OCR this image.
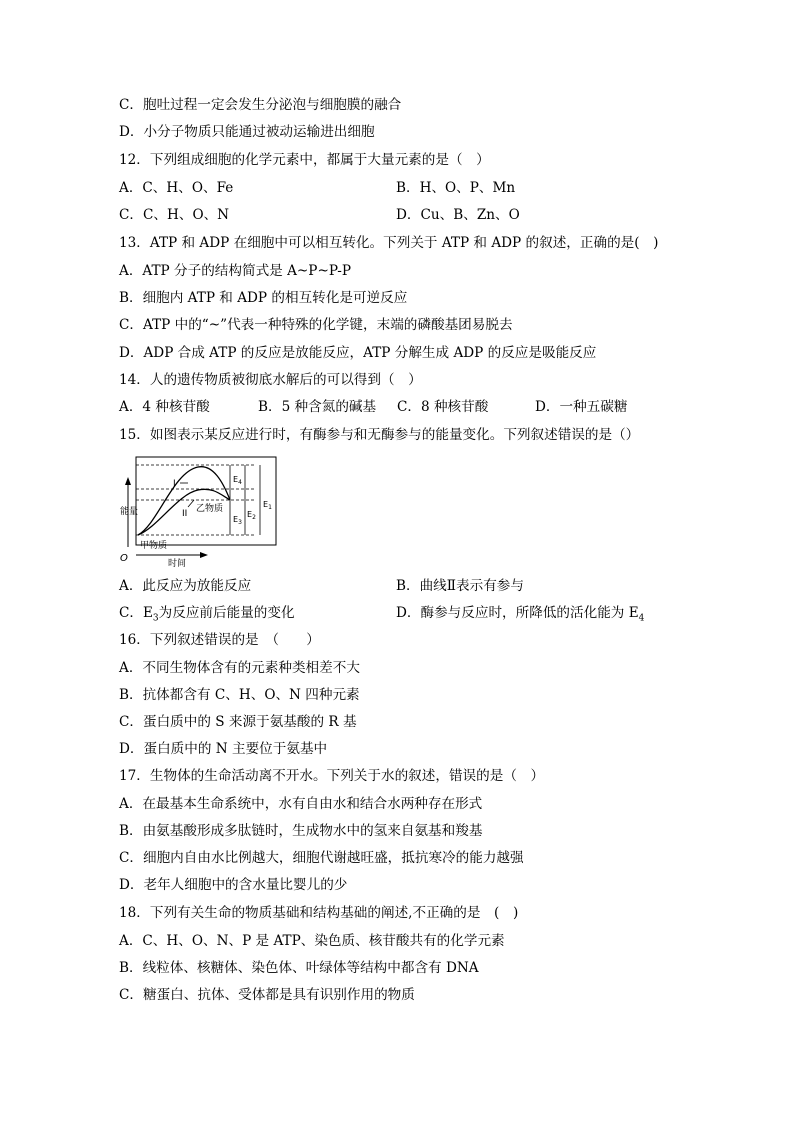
C．胞吐过程一定会发生分泌泡与细胞膜的融合
D．小分子物质只能通过被动运输进出细胞
12．下列组成细胞的化学元素中，都属于大量元素的是（　）
A．C、H、O、Fe	B．H、O、P、Mn
C．C、H、O、N	D．Cu、B、Zn、O
13．ATP 和 ADP 在细胞中可以相互转化。下列关于 ATP 和 ADP 的叙述，正确的是(　)
A．ATP 分子的结构简式是 A~P~P-P
B．细胞内 ATP 和 ADP 的相互转化是可逆反应
C．ATP 中的“~”代表一种特殊的化学键，末端的磷酸基团易脱去
D．ADP 合成 ATP 的反应是放能反应，ATP 分解生成 ADP 的反应是吸能反应
14．人的遗传物质被彻底水解后的可以得到（　）
A．4 种核苷酸	B．5 种含氮的碱基 C．8 种核苷酸	D．一种五碳糖
15．如图表示某反应进行时，有酶参与和无酶参与的能量变化。下列叙述错误的是（）
能量
时间
O
I
II 乙物质
甲物质
$E_4$
$E_3$
$E_2$
$E_1$
A．此反应为放能反应	B．曲线Ⅱ表示有参与
C．$E_3$为反应前后能量的变化	D．酶参与反应时，所降低的活化能为 $E_4$
16．下列叙述错误的是　（　　）
A．不同生物体含有的元素种类相差不大
B．抗体都含有 C、H、O、N 四种元素
C．蛋白质中的 S 来源于氨基酸的 R 基
D．蛋白质中的 N 主要位于氨基中
17．生物体的生命活动离不开水。下列关于水的叙述，错误的是（　）
A．在最基本生命系统中，水有自由水和结合水两种存在形式
B．由氨基酸形成多肽链时，生成物水中的氢来自氨基和羧基
C．细胞内自由水比例越大，细胞代谢越旺盛，抵抗寒冷的能力越强
D．老年人细胞中的含水量比婴儿的少
18．下列有关生命的物质基础和结构基础的阐述,不正确的是　(　)
A．C、H、O、N、P 是 ATP、染色质、核苷酸共有的化学元素
B．线粒体、核糖体、染色体、叶绿体等结构中都含有 DNA
C．糖蛋白、抗体、受体都是具有识别作用的物质
